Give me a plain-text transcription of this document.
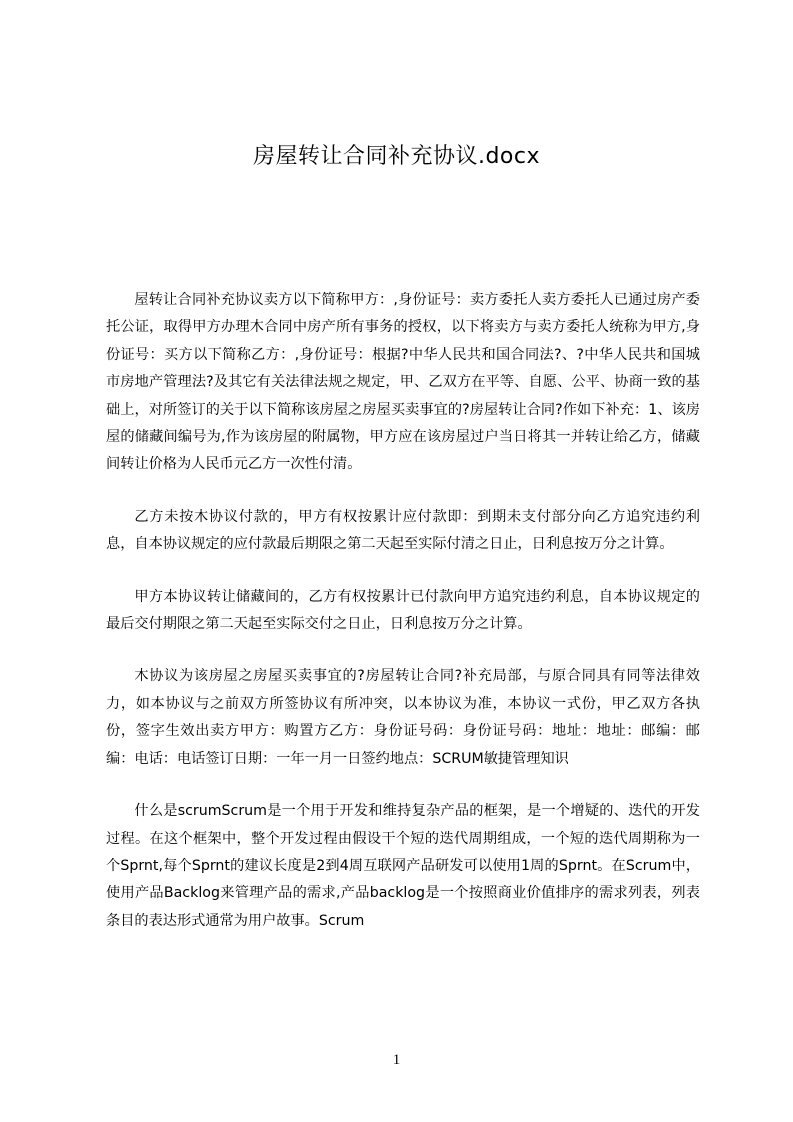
房屋转让合同补充协议.docx

屋转让合同补充协议卖方以下简称甲方：,身份证号：卖方委托人卖方委托人已通过房产委托公证，取得甲方办理木合同中房产所有事务的授权，以下将卖方与卖方委托人统称为甲方,身份证号：买方以下简称乙方：,身份证号：根据?中华人民共和国合同法?、?中华人民共和国城市房地产管理法?及其它有关法律法规之规定，甲、乙双方在平等、自愿、公平、协商一致的基础上，对所签订的关于以下简称该房屋之房屋买卖事宜的?房屋转让合同?作如下补充：1、该房屋的储藏间编号为,作为该房屋的附属物，甲方应在该房屋过户当日将其一并转让给乙方，储藏间转让价格为人民币元乙方一次性付清。

乙方未按木协议付款的，甲方有权按累计应付款即：到期未支付部分向乙方追究违约利息，自本协议规定的应付款最后期限之第二天起至实际付清之日止，日利息按万分之计算。

甲方本协议转让储藏间的，乙方有权按累计已付款向甲方追究违约利息，自本协议规定的最后交付期限之第二天起至实际交付之日止，日利息按万分之计算。

木协议为该房屋之房屋买卖事宜的?房屋转让合同?补充局部，与原合同具有同等法律效力，如本协议与之前双方所签协议有所冲突，以本协议为准，本协议一式份，甲乙双方各执份，签字生效出卖方甲方：购置方乙方：身份证号码：身份证号码：地址：地址：邮编：邮编：电话：电话签订日期：一年一月一日签约地点：SCRUM敏捷管理知识

什么是scrumScrum是一个用于开发和维持复杂产品的框架，是一个增疑的、迭代的开发过程。在这个框架中，整个开发过程由假设干个短的迭代周期组成，一个短的迭代周期称为一个Sprnt,每个Sprnt的建议长度是2到4周互联网产品研发可以使用1周的Sprnt。在Scrum中，使用产品Backlog来管理产品的需求,产品backlog是一个按照商业价值排序的需求列表，列表条目的表达形式通常为用户故事。Scrum

1
